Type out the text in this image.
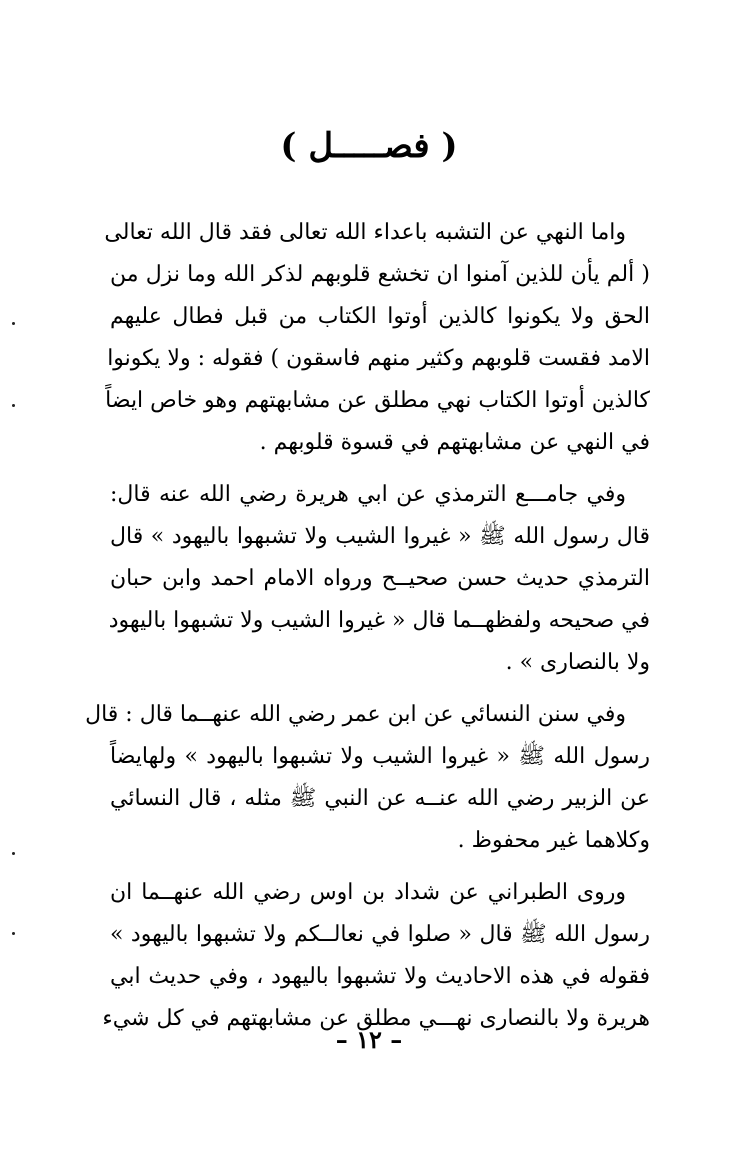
( فصـــــل )
واما النهي عن التشبه باعداء الله تعالى فقد قال الله تعالى
( ألم يأن للذين آمنوا ان تخشع قلوبهم لذكر الله وما نزل من
الحق ولا يكونوا كالذين أوتوا الكتاب من قبل فطال عليهم
الامد فقست قلوبهم وكثير منهم فاسقون ) فقوله : ولا يكونوا
كالذين أوتوا الكتاب نهي مطلق عن مشابهتهم وهو خاص ايضاً
في النهي عن مشابهتهم في قسوة قلوبهم .
وفي جامـــع الترمذي عن ابي هريرة رضي الله عنه قال:
قال رسول الله ﷺ « غيروا الشيب ولا تشبهوا باليهود » قال
الترمذي حديث حسن صحيــح ورواه الامام احمد وابن حبان
في صحيحه ولفظهــما قال « غيروا الشيب ولا تشبهوا باليهود
ولا بالنصارى » .
وفي سنن النسائي عن ابن عمر رضي الله عنهــما قال : قال
رسول الله ﷺ « غيروا الشيب ولا تشبهوا باليهود » ولهايضاً
عن الزبير رضي الله عنــه عن النبي ﷺ مثله ، قال النسائي
وكلاهما غير محفوظ .
وروى الطبراني عن شداد بن اوس رضي الله عنهــما ان
رسول الله ﷺ قال « صلوا في نعالــكم ولا تشبهوا باليهود »
فقوله في هذه الاحاديث ولا تشبهوا باليهود ، وفي حديث ابي
هريرة ولا بالنصارى نهـــي مطلق عن مشابهتهم في كل شيء
– ١٢ –
